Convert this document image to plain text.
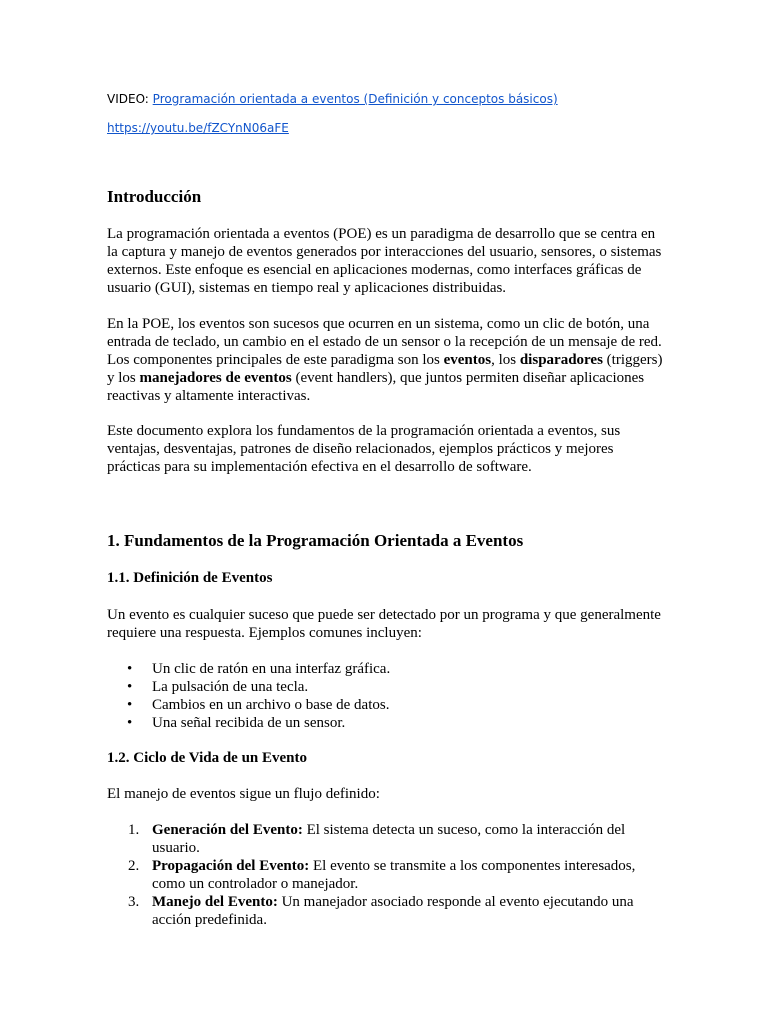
VIDEO: Programación orientada a eventos (Definición y conceptos básicos)
https://youtu.be/fZCYnN06aFE
Introducción

La programación orientada a eventos (POE) es un paradigma de desarrollo que se centra en la captura y manejo de eventos generados por interacciones del usuario, sensores, o sistemas externos. Este enfoque es esencial en aplicaciones modernas, como interfaces gráficas de usuario (GUI), sistemas en tiempo real y aplicaciones distribuidas.

En la POE, los eventos son sucesos que ocurren en un sistema, como un clic de botón, una entrada de teclado, un cambio en el estado de un sensor o la recepción de un mensaje de red. Los componentes principales de este paradigma son los eventos, los disparadores (triggers) y los manejadores de eventos (event handlers), que juntos permiten diseñar aplicaciones reactivas y altamente interactivas.

Este documento explora los fundamentos de la programación orientada a eventos, sus ventajas, desventajas, patrones de diseño relacionados, ejemplos prácticos y mejores prácticas para su implementación efectiva en el desarrollo de software.

1. Fundamentos de la Programación Orientada a Eventos
1.1. Definición de Eventos

Un evento es cualquier suceso que puede ser detectado por un programa y que generalmente requiere una respuesta. Ejemplos comunes incluyen:

• Un clic de ratón en una interfaz gráfica.
• La pulsación de una tecla.
• Cambios en un archivo o base de datos.
• Una señal recibida de un sensor.
1.2. Ciclo de Vida de un Evento

El manejo de eventos sigue un flujo definido:

1. Generación del Evento: El sistema detecta un suceso, como la interacción del usuario.
2. Propagación del Evento: El evento se transmite a los componentes interesados, como un controlador o manejador.
3. Manejo del Evento: Un manejador asociado responde al evento ejecutando una acción predefinida.
